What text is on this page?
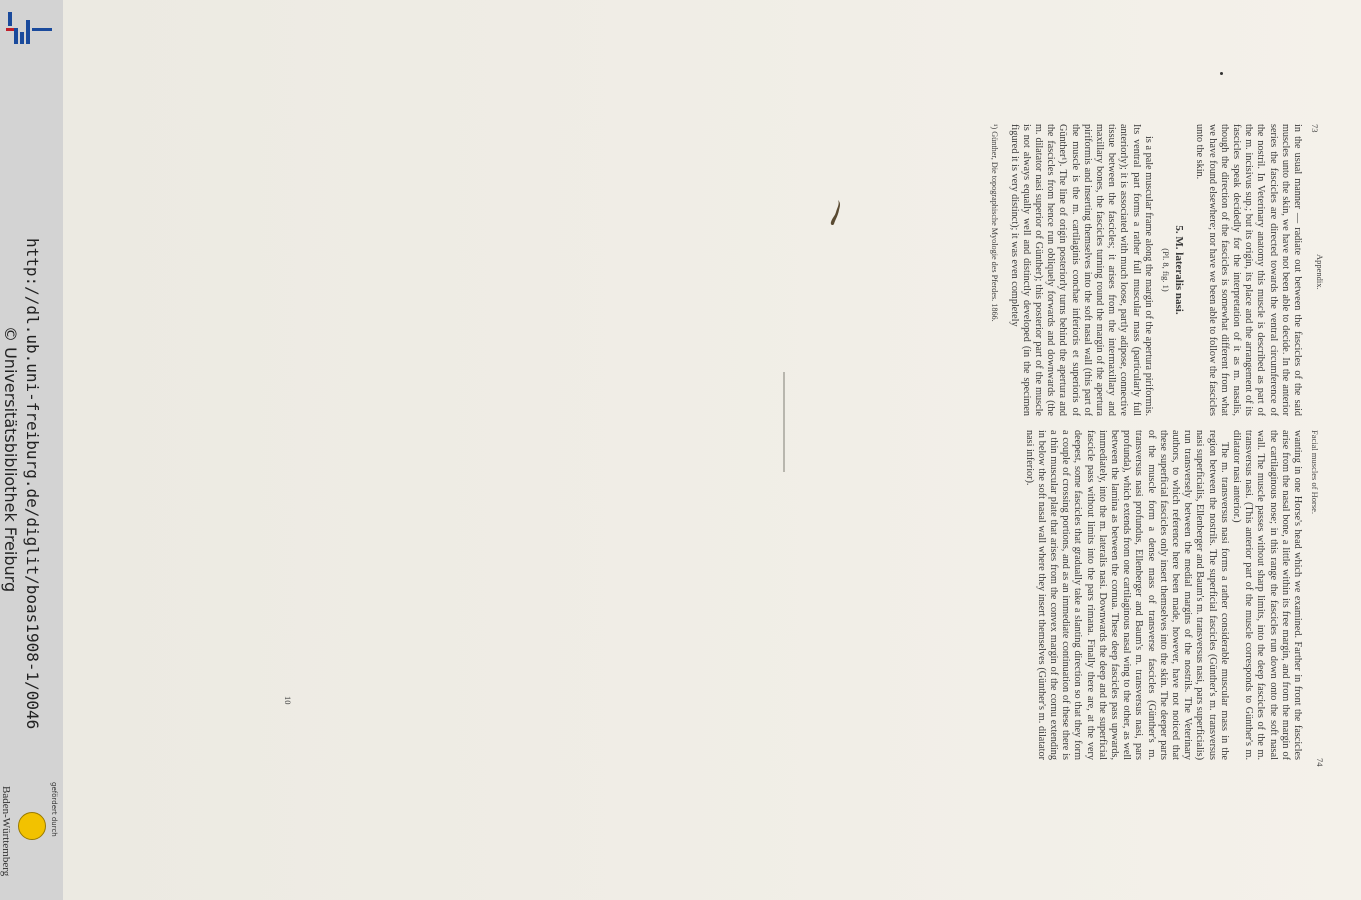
http://dl.ub.uni-freiburg.de/diglit/boas1908-1/0046
© Universitätsbibliothek Freiburg
gefördert durch
Baden-Württemberg
73
Appendix.

in the usual manner — radiate out between the fascicles of the said muscles unto the skin, we have not been able to decide. In the anterior series the fascicles are directed towards the ventral circumference of the nostril. In Veterinary anatomy this muscle is described as part of the m. incisivus sup.; but its origin, its place and the arrangement of its fascicles speak decidedly for the interpretation of it as m. nasalis, though the direction of the fascicles is somewhat different from what we have found elsewhere; nor have we been able to follow the fascicles unto the skin.

5. M. lateralis nasi.
(Pl. 8, fig. 1)

is a pale muscular frame along the margin of the apertura piriformis. Its ventral part forms a rather full muscular mass (particularly full anteriorly); it is associated with much loose, partly adipose, connective tissue between the fascicles; it arises from the intermaxillary and maxillary bones, the fascicles turning round the margin of the apertura piriformis and inserting themselves into the soft nasal wall (this part of the muscle is the m. cartilaginis conchae inferioris et superioris of Günther¹). The line of origin posteriorly turns behind the apertura and the fascicles from hence run obliquely forwards and downwards (the m. dilatator nasi superior of Günther); this posterior part of the muscle is not always equally well and distinctly developed (in the specimen figured it is very distinct); it was even completely

¹) Günther, Die topographische Myologie des Pferdes. 1866.
Facial muscles of Horse.
74

wanting in one Horse's head which we examined. Farther in front the fascicles arise from the nasal bone, a little within its free margin, and from the margin of the cartilaginous nose; in this range the fascicles run down onto the soft nasal wall. The muscle passes without sharp limits, into the deep fascicles of the m. transversus nasi. (This anterior part of the muscle corresponds to Günther's m. dilatator nasi anterior.)

The m. transversus nasi forms a rather considerable muscular mass in the region between the nostrils. The superficial fascicles (Günther's m. transversus nasi superficialis, Ellenberger and Baum's m. transversus nasi, pars superficialis) run transversely between the medial margins of the nostrils. The Veterinary authors, to which reference here been made, however, have not noticed that these superficial fascicles only insert themselves into the skin. The deeper parts of the muscle form a dense mass of transverse fascicles (Günther's m. transversus nasi profundus, Ellenberger and Baum's m. transversus nasi, pars profunda), which extends from one cartilaginous nasal wing to the other, as well between the lamina as between the cornua. These deep fascicles pass upwards, immediately, into the m. lateralis nasi. Downwards the deep and the superficial fascicle pass without limits into the pars rimana. Finally there are, at the very deepest, some fascicles that gradually take a slanting direction so that they form a couple of crossing portions, and as an immediate continuation of these there is a thin muscular plate that arises from the convex margin of the cornu extending in below the soft nasal wall where they insert themselves (Günther's m. dilatator nasi inferior).

10
